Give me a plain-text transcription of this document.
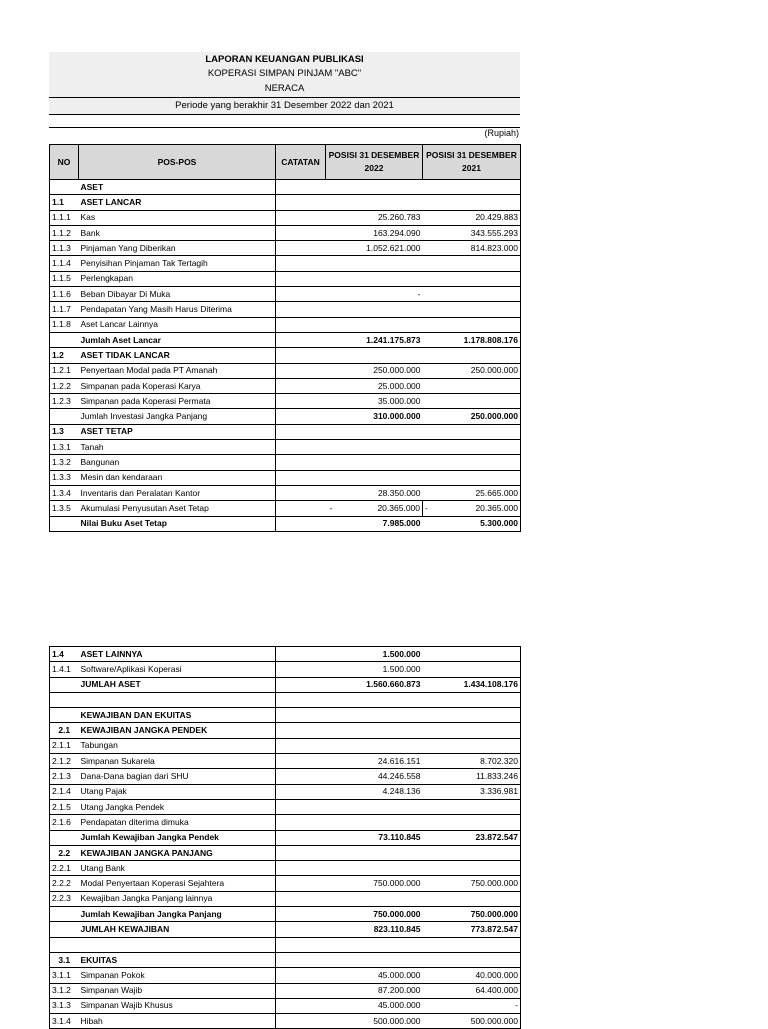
LAPORAN KEUANGAN PUBLIKASI
KOPERASI SIMPAN PINJAM "ABC"
NERACA
Periode yang berakhir 31 Desember 2022 dan 2021
(Rupiah)
NO	POS-POS	CATATAN	POSISI 31 DESEMBER 2022	POSISI 31 DESEMBER 2021
	ASET			
1.1	ASET LANCAR			
1.1.1	Kas		25.260.783	20.429.883
1.1.2	Bank		163.294.090	343.555.293
1.1.3	Pinjaman Yang Diberikan		1.052.621.000	814.823.000
1.1.4	Penyisihan Pinjaman Tak Tertagih			
1.1.5	Perlengkapan			
1.1.6	Beban Dibayar Di Muka		-	
1.1.7	Pendapatan Yang Masih Harus Diterima			
1.1.8	Aset Lancar Lainnya			
	Jumlah Aset Lancar		1.241.175.873	1.178.808.176
1.2	ASET TIDAK LANCAR			
1.2.1	Penyertaan Modal pada PT Amanah		250.000.000	250.000.000
1.2.2	Simpanan pada Koperasi Karya		25.000.000	
1.2.3	Simpanan pada Koperasi Permata		35.000.000	
	Jumlah Investasi Jangka Panjang		310.000.000	250.000.000
1.3	ASET TETAP			
1.3.1	Tanah			
1.3.2	Bangunan			
1.3.3	Mesin dan kendaraan			
1.3.4	Inventaris dan Peralatan Kantor		28.350.000	25.665.000
1.3.5	Akumulasi Penyusutan Aset Tetap		- 20.365.000	- 20.365.000
	Nilai Buku Aset Tetap		7.985.000	5.300.000
1.4	ASET LAINNYA		1.500.000	
1.4.1	Software/Aplikasi Koperasi		1.500.000	
	JUMLAH ASET		1.560.660.873	1.434.108.176

	KEWAJIBAN DAN EKUITAS			
2.1	KEWAJIBAN JANGKA PENDEK			
2.1.1	Tabungan			
2.1.2	Simpanan Sukarela		24.616.151	8.702.320
2.1.3	Dana-Dana bagian dari SHU		44.246.558	11.833.246
2.1.4	Utang Pajak		4.248.136	3.336.981
2.1.5	Utang Jangka Pendek			
2.1.6	Pendapatan diterima dimuka			
	Jumlah Kewajiban Jangka Pendek		73.110.845	23.872.547
2.2	KEWAJIBAN JANGKA PANJANG			
2.2.1	Utang Bank			
2.2.2	Modal Penyertaan Koperasi Sejahtera		750.000.000	750.000.000
2.2.3	Kewajiban Jangka Panjang lainnya			
	Jumlah Kewajiban Jangka Panjang		750.000.000	750.000.000
	JUMLAH KEWAJIBAN		823.110.845	773.872.547

3.1	EKUITAS			
3.1.1	Simpanan Pokok		45.000.000	40.000.000
3.1.2	Simpanan Wajib		87.200.000	64.400.000
3.1.3	Simpanan Wajib Khusus		45.000.000	-
3.1.4	Hibah		500.000.000	500.000.000
